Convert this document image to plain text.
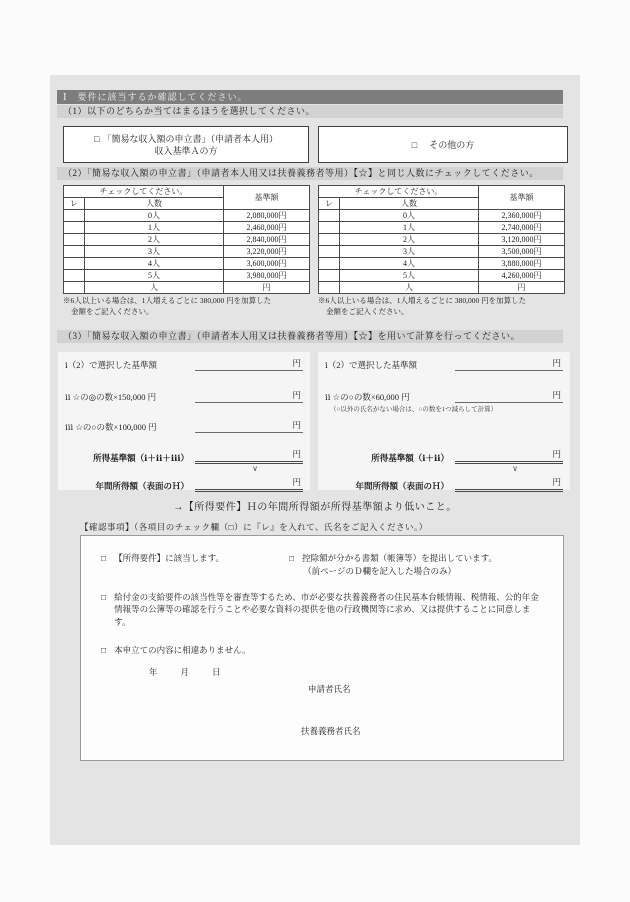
Ⅰ　要件に該当するか確認してください。
（1）以下のどちらか当てはまるほうを選択してください。
□ 「簡易な収入額の申立書」（申請者本人用）
収入基準Ａの方
□　 その他の方
（2）「簡易な収入額の申立書」（申請者本人用又は扶養義務者等用）【☆】と同じ人数にチェックしてください。
チェックしてください。		基準額
レ	人数	
	0人	2,080,000円
	1人	2,460,000円
	2人	2,840,000円
	3人	3,220,000円
	4人	3,600,000円
	5人	3,980,000円
	人	円
※6人以上いる場合は、1人増えるごとに 380,000 円を加算した
金額をご記入ください。
チェックしてください。		基準額
レ	人数	
	0人	2,360,000円
	1人	2,740,000円
	2人	3,120,000円
	3人	3,500,000円
	4人	3,880,000円
	5人	4,260,000円
	人	円
※6人以上いる場合は、1人増えるごとに 380,000 円を加算した
金額をご記入ください。
（3）「簡易な収入額の申立書」（申請者本人用又は扶養義務者等用）【☆】を用いて計算を行ってください。
ⅰ（2）で選択した基準額	円
ⅱ ☆の◎の数×150,000 円	円
ⅲ ☆の○の数×100,000 円	円
所得基準額（ⅰ＋ⅱ＋ⅲ）	円
∨
年間所得額（表面のＨ）	円
ⅰ（2）で選択した基準額	円
ⅱ ☆の○の数×60,000 円	円
（○以外の氏名がない場合は、○の数を1つ減らして計算）
所得基準額（ⅰ＋ⅱ）	円
∨
年間所得額（表面のＨ）	円
→【所得要件】Ｈの年間所得額が所得基準額より低いこと。
【確認事項】（各項目のチェック欄（□）に『レ』を入れて、氏名をご記入ください。）
□ 【所得要件】に該当します。	□ 控除額が分かる書類（帳簿等）を提出しています。
（前ページのＤ欄を記入した場合のみ）
□ 給付金の支給要件の該当性等を審査等するため、市が必要な扶養義務者の住民基本台帳情報、税情報、公的年金情報等の公簿等の確認を行うことや必要な資料の提供を他の行政機関等に求め、又は提供することに同意します。
□ 本申立ての内容に相違ありません。
年　　月　　日
申請者氏名
扶養義務者氏名
